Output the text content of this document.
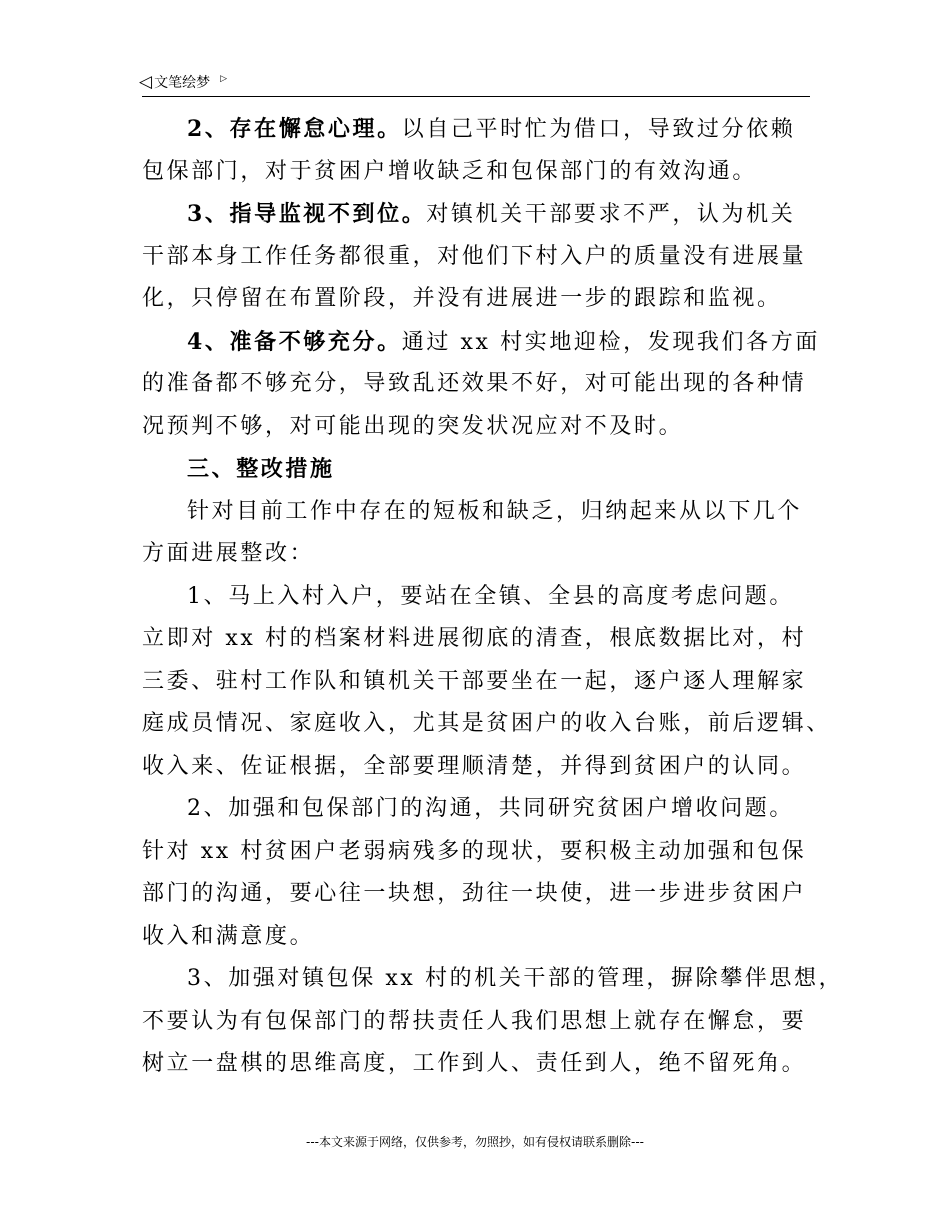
◁ 文笔绘梦 ▷
2、存在懈怠心理。以自己平时忙为借口，导致过分依赖
包保部门，对于贫困户增收缺乏和包保部门的有效沟通。
3、指导监视不到位。对镇机关干部要求不严，认为机关
干部本身工作任务都很重，对他们下村入户的质量没有进展量
化，只停留在布置阶段，并没有进展进一步的跟踪和监视。
4、准备不够充分。通过 xx 村实地迎检，发现我们各方面
的准备都不够充分，导致乱还效果不好，对可能出现的各种情
况预判不够，对可能出现的突发状况应对不及时。
三、整改措施
针对目前工作中存在的短板和缺乏，归纳起来从以下几个
方面进展整改：
1、马上入村入户，要站在全镇、全县的高度考虑问题。
立即对 xx 村的档案材料进展彻底的清查，根底数据比对，村
三委、驻村工作队和镇机关干部要坐在一起，逐户逐人理解家
庭成员情况、家庭收入，尤其是贫困户的收入台账，前后逻辑、
收入来、佐证根据，全部要理顺清楚，并得到贫困户的认同。
2、加强和包保部门的沟通，共同研究贫困户增收问题。
针对 xx 村贫困户老弱病残多的现状，要积极主动加强和包保
部门的沟通，要心往一块想，劲往一块使，进一步进步贫困户
收入和满意度。
3、加强对镇包保 xx 村的机关干部的管理，摒除攀伴思想，
不要认为有包保部门的帮扶责任人我们思想上就存在懈怠，要
树立一盘棋的思维高度，工作到人、责任到人，绝不留死角。
---本文来源于网络，仅供参考，勿照抄，如有侵权请联系删除---
